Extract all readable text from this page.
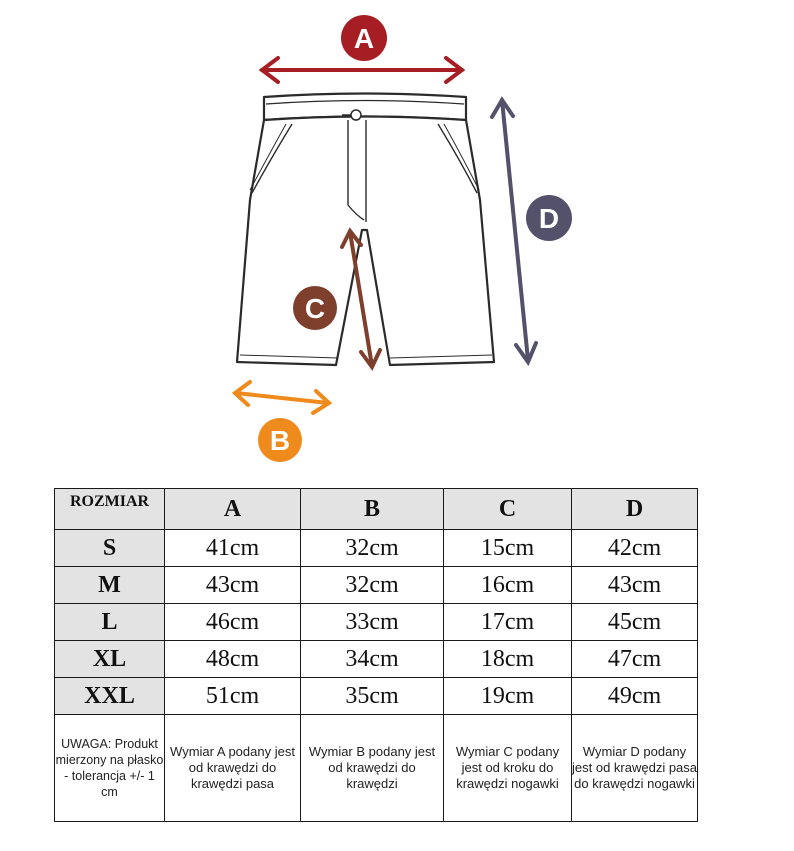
A
D
C
B
ROZMIAR	A	B	C	D
S	41cm	32cm	15cm	42cm
M	43cm	32cm	16cm	43cm
L	46cm	33cm	17cm	45cm
XL	48cm	34cm	18cm	47cm
XXL	51cm	35cm	19cm	49cm
UWAGA: Produkt mierzony na płasko - tolerancja +/- 1 cm	Wymiar A podany jest od krawędzi do krawędzi pasa	Wymiar B podany jest od krawędzi do krawędzi	Wymiar C podany jest od kroku do krawędzi nogawki	Wymiar D podany jest od krawędzi pasa do krawędzi nogawki
